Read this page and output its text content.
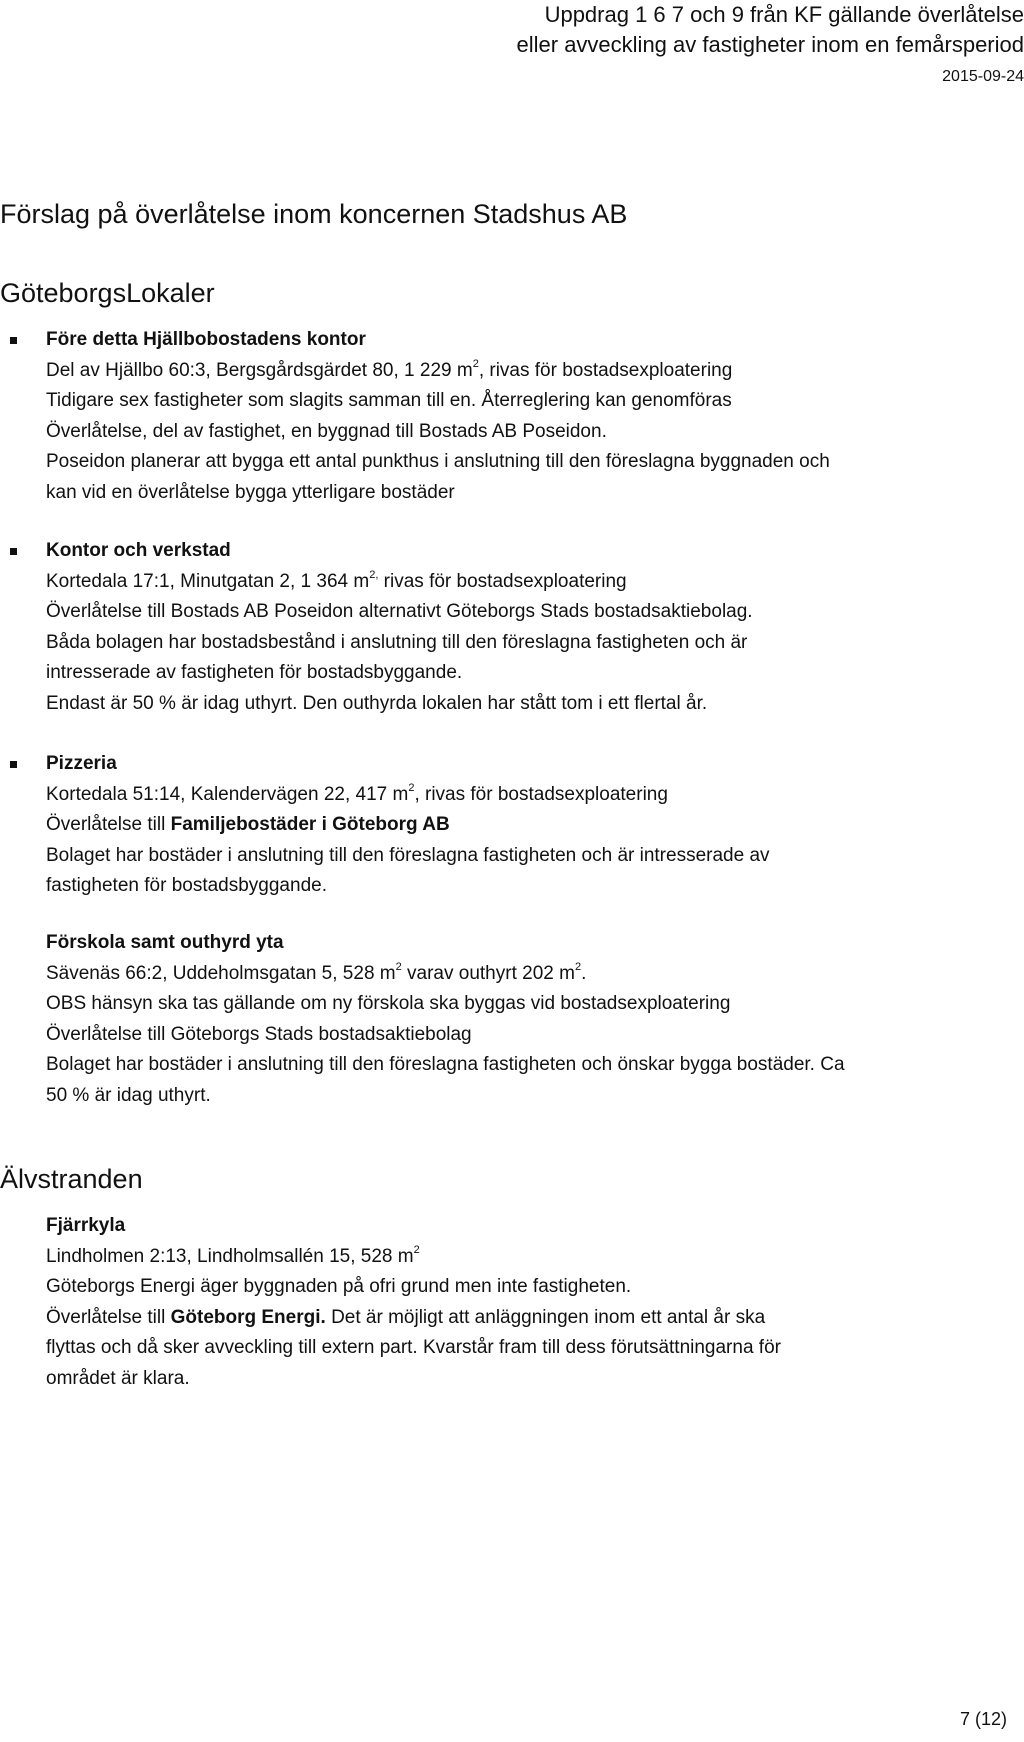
Uppdrag 1 6 7 och 9 från KF gällande överlåtelse
eller avveckling av fastigheter inom en femårsperiod
2015-09-24
Förslag på överlåtelse inom koncernen Stadshus AB
GöteborgsLokaler

Före detta Hjällbobostadens kontor

Del av Hjällbo 60:3, Bergsgårdsgärdet 80, 1 229 $m^2$, rivas för bostadsexploatering

Tidigare sex fastigheter som slagits samman till en. Återreglering kan genomföras

Överlåtelse, del av fastighet, en byggnad till Bostads AB Poseidon.

Poseidon planerar att bygga ett antal punkthus i anslutning till den föreslagna byggnaden och

kan vid en överlåtelse bygga ytterligare bostäder

Kontor och verkstad

Kortedala 17:1, Minutgatan 2, 1 364 $m^{2,}$ rivas för bostadsexploatering

Överlåtelse till Bostads AB Poseidon alternativt Göteborgs Stads bostadsaktiebolag.

Båda bolagen har bostadsbestånd i anslutning till den föreslagna fastigheten och är

intresserade av fastigheten för bostadsbyggande.

Endast är 50 % är idag uthyrt. Den outhyrda lokalen har stått tom i ett flertal år.

Pizzeria

Kortedala 51:14, Kalendervägen 22, 417 $m^2$, rivas för bostadsexploatering

Överlåtelse till Familjebostäder i Göteborg AB

Bolaget har bostäder i anslutning till den föreslagna fastigheten och är intresserade av

fastigheten för bostadsbyggande.

Förskola samt outhyrd yta

Sävenäs 66:2, Uddeholmsgatan 5, 528 $m^2$ varav outhyrt 202 $m^2$.

OBS hänsyn ska tas gällande om ny förskola ska byggas vid bostadsexploatering

Överlåtelse till Göteborgs Stads bostadsaktiebolag

Bolaget har bostäder i anslutning till den föreslagna fastigheten och önskar bygga bostäder. Ca

50 % är idag uthyrt.

Älvstranden

Fjärrkyla

Lindholmen 2:13, Lindholmsallén 15, 528 $m^2$

Göteborgs Energi äger byggnaden på ofri grund men inte fastigheten.

Överlåtelse till Göteborg Energi. Det är möjligt att anläggningen inom ett antal år ska

flyttas och då sker avveckling till extern part. Kvarstår fram till dess förutsättningarna för

området är klara.

7 (12)
